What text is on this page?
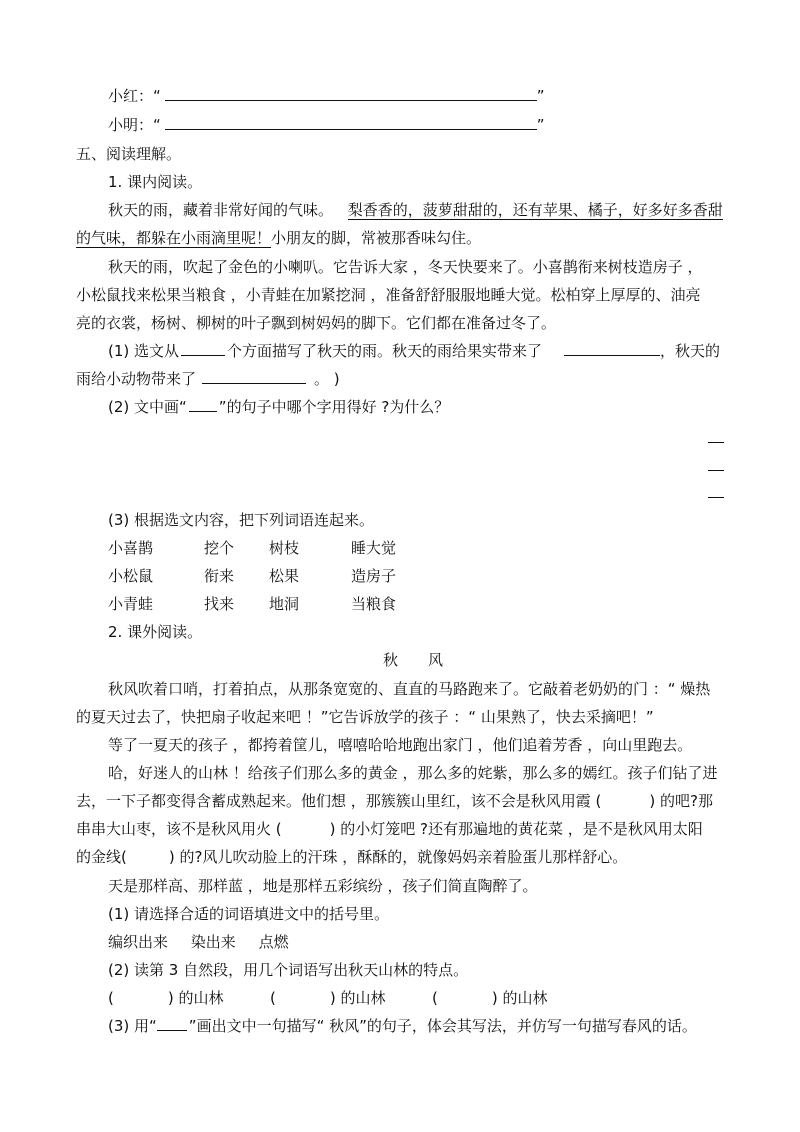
小红：“	”
小明：“	”
五、阅读理解。
1. 课内阅读。
秋天的雨，藏着非常好闻的气味。 梨香香的，菠萝甜甜的，还有苹果、橘子，好多好多香甜
的气味，都躲在小雨滴里呢！小朋友的脚，常被那香味勾住。
秋天的雨，吹起了金色的小喇叭。它告诉大家 ，冬天快要来了。小喜鹊衔来树枝造房子 ，
小松鼠找来松果当粮食 ，小青蛙在加紧挖洞 ，准备舒舒服服地睡大觉。松柏穿上厚厚的、油亮
亮的衣裳，杨树、柳树的叶子飘到树妈妈的脚下。它们都在准备过冬了。
(1) 选文从	个方面描写了秋天的雨。秋天的雨给果实带来了	，秋天的
雨给小动物带来了	。 )
(2) 文中画“ ”的句子中哪个字用得好 ?为什么？
(3) 根据选文内容，把下列词语连起来。
小喜鹊	挖个 树枝	睡大觉
小松鼠	衔来 松果	造房子
小青蛙	找来 地洞	当粮食
2. 课外阅读。
秋　　风
秋风吹着口哨，打着拍点，从那条宽宽的、直直的马路跑来了。它敲着老奶奶的门 ：“ 燥热
的夏天过去了，快把扇子收起来吧 ！”它告诉放学的孩子 ：“ 山果熟了，快去采摘吧！”
等了一夏天的孩子 ，都挎着筐儿，嘻嘻哈哈地跑出家门 ，他们追着芳香 ，向山里跑去。
哈，好迷人的山林 ！给孩子们那么多的黄金 ，那么多的姹紫，那么多的嫣红。孩子们钻了进
去，一下子都变得含蓄成熟起来。他们想 ，那簇簇山里红，该不会是秋风用霞 (	) 的吧?那
串串大山枣，该不是秋风用火 (	) 的小灯笼吧 ?还有那遍地的黄花菜 ，是不是秋风用太阳
的金线(	) 的?风儿吹动脸上的汗珠 ，酥酥的，就像妈妈亲着脸蛋儿那样舒心。
天是那样高、那样蓝 ，地是那样五彩缤纷 ，孩子们简直陶醉了。
(1) 请选择合适的词语填进文中的括号里。
编织出来 染出来 点燃
(2) 读第 3 自然段，用几个词语写出秋天山林的特点。
(	) 的山林	(	) 的山林	(	) 的山林
(3) 用“ ”画出文中一句描写“ 秋风”的句子，体会其写法，并仿写一句描写春风的话。
